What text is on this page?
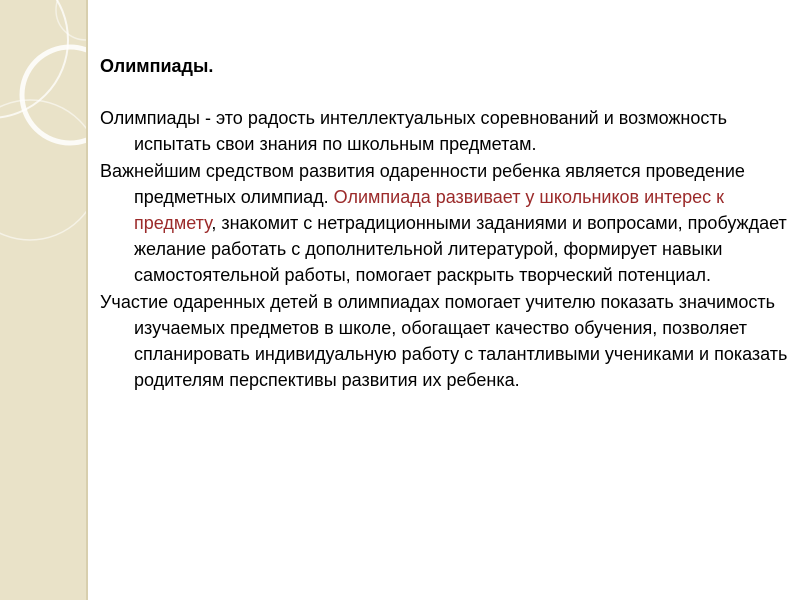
Олимпиады.

Олимпиады - это радость интеллектуальных соревнований и возможность испытать свои знания по школьным предметам.

Важнейшим средством развития одаренности ребенка является проведение предметных олимпиад. Олимпиада развивает у школьников интерес к предмету, знакомит с нетрадиционными заданиями и вопросами, пробуждает желание работать с дополнительной литературой, формирует навыки самостоятельной работы, помогает раскрыть творческий потенциал.

Участие одаренных детей в олимпиадах помогает учителю показать значимость изучаемых предметов в школе, обогащает качество обучения, позволяет спланировать индивидуальную работу с талантливыми учениками и показать родителям перспективы развития их ребенка.
